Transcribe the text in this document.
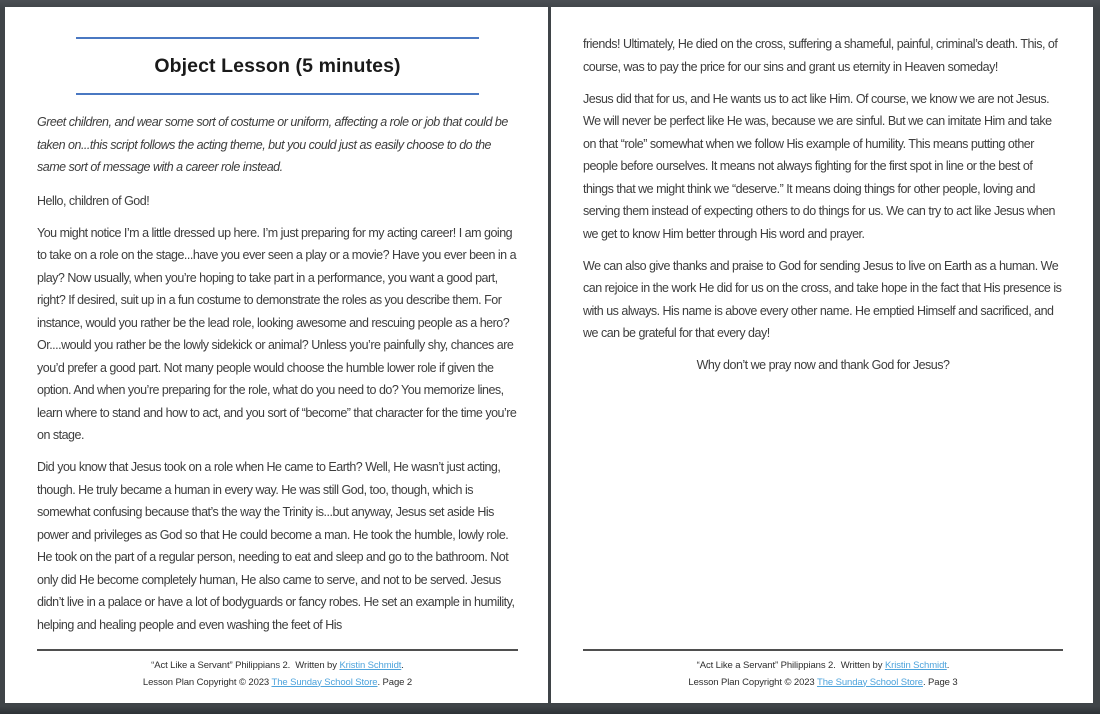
Object Lesson (5 minutes)

Greet children, and wear some sort of costume or uniform, affecting a role or job that could be taken on...this script follows the acting theme, but you could just as easily choose to do the same sort of message with a career role instead.

Hello, children of God!

You might notice I’m a little dressed up here. I’m just preparing for my acting career! I am going to take on a role on the stage...have you ever seen a play or a movie? Have you ever been in a play? Now usually, when you’re hoping to take part in a performance, you want a good part, right? If desired, suit up in a fun costume to demonstrate the roles as you describe them. For instance, would you rather be the lead role, looking awesome and rescuing people as a hero? Or....would you rather be the lowly sidekick or animal? Unless you’re painfully shy, chances are you’d prefer a good part. Not many people would choose the humble lower role if given the option. And when you’re preparing for the role, what do you need to do? You memorize lines, learn where to stand and how to act, and you sort of “become” that character for the time you’re on stage.

Did you know that Jesus took on a role when He came to Earth? Well, He wasn’t just acting, though. He truly became a human in every way. He was still God, too, though, which is somewhat confusing because that’s the way the Trinity is...but anyway, Jesus set aside His power and privileges as God so that He could become a man. He took the humble, lowly role. He took on the part of a regular person, needing to eat and sleep and go to the bathroom. Not only did He become completely human, He also came to serve, and not to be served. Jesus didn’t live in a palace or have a lot of bodyguards or fancy robes. He set an example in humility, helping and healing people and even washing the feet of His

“Act Like a Servant” Philippians 2.  Written by Kristin Schmidt.
Lesson Plan Copyright © 2023 The Sunday School Store. Page 2

friends! Ultimately, He died on the cross, suffering a shameful, painful, criminal’s death. This, of course, was to pay the price for our sins and grant us eternity in Heaven someday!

Jesus did that for us, and He wants us to act like Him. Of course, we know we are not Jesus. We will never be perfect like He was, because we are sinful. But we can imitate Him and take on that “role” somewhat when we follow His example of humility. This means putting other people before ourselves. It means not always fighting for the first spot in line or the best of things that we might think we “deserve.” It means doing things for other people, loving and serving them instead of expecting others to do things for us. We can try to act like Jesus when we get to know Him better through His word and prayer.

We can also give thanks and praise to God for sending Jesus to live on Earth as a human. We can rejoice in the work He did for us on the cross, and take hope in the fact that His presence is with us always. His name is above every other name. He emptied Himself and sacrificed, and we can be grateful for that every day!

Why don’t we pray now and thank God for Jesus?

“Act Like a Servant” Philippians 2.  Written by Kristin Schmidt.
Lesson Plan Copyright © 2023 The Sunday School Store. Page 3
